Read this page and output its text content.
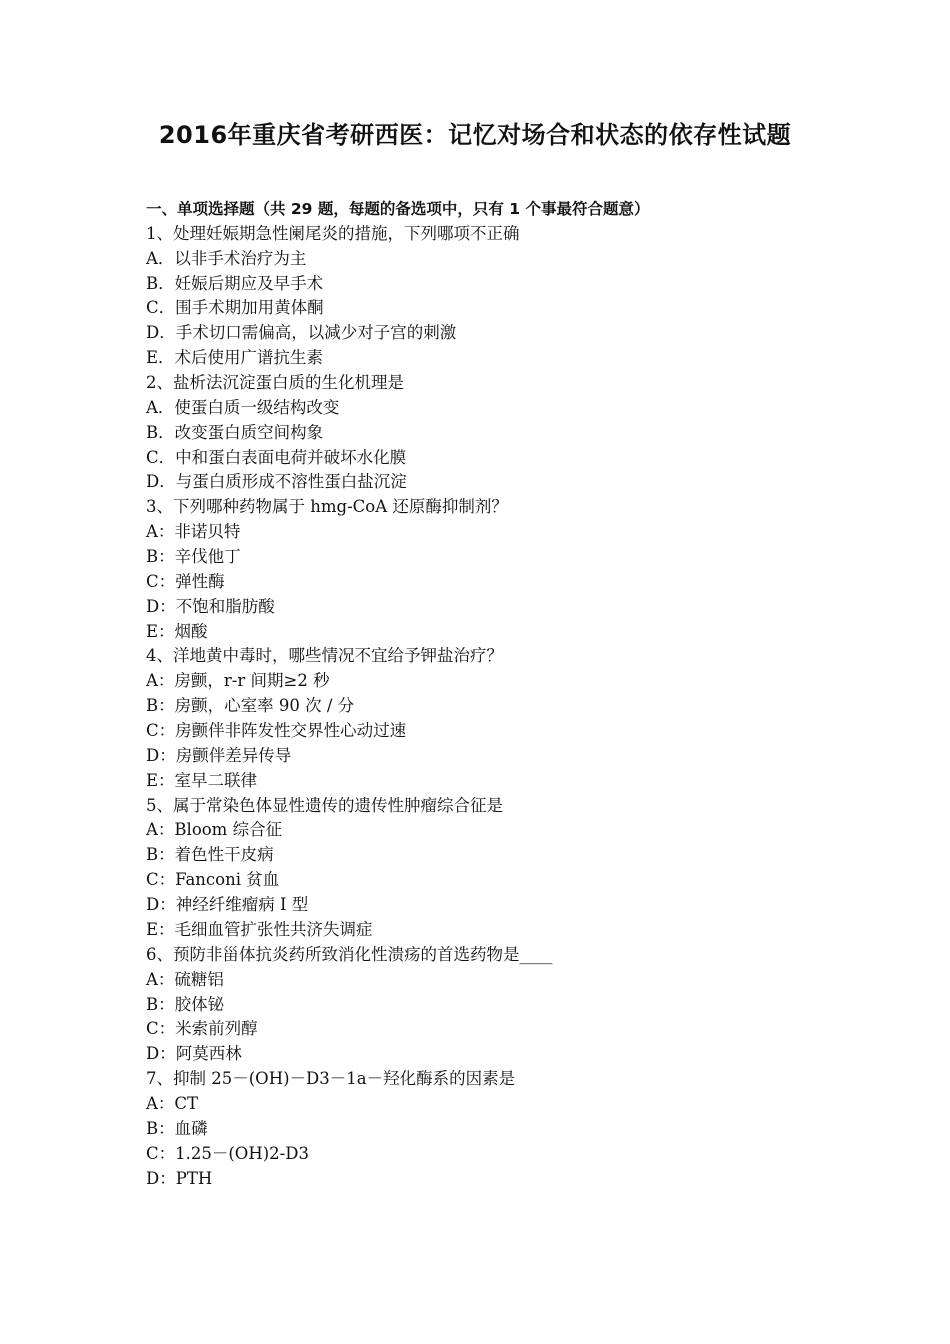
2016年重庆省考研西医：记忆对场合和状态的依存性试题
一、单项选择题（共 29 题，每题的备选项中，只有 1 个事最符合题意）
1、处理妊娠期急性阑尾炎的措施，下列哪项不正确
A．以非手术治疗为主
B．妊娠后期应及早手术
C．围手术期加用黄体酮
D．手术切口需偏高，以减少对子宫的刺激
E．术后使用广谱抗生素
2、盐析法沉淀蛋白质的生化机理是
A．使蛋白质一级结构改变
B．改变蛋白质空间构象
C．中和蛋白表面电荷并破坏水化膜
D．与蛋白质形成不溶性蛋白盐沉淀
3、下列哪种药物属于 hmg-CoA 还原酶抑制剂？
A：非诺贝特
B：辛伐他丁
C：弹性酶
D：不饱和脂肪酸
E：烟酸
4、洋地黄中毒时，哪些情况不宜给予钾盐治疗？
A：房颤，r-r 间期≥2 秒
B：房颤，心室率 90 次 / 分
C：房颤伴非阵发性交界性心动过速
D：房颤伴差异传导
E：室早二联律
5、属于常染色体显性遗传的遗传性肿瘤综合征是
A：Bloom 综合征
B：着色性干皮病
C：Fanconi 贫血
D：神经纤维瘤病 I 型
E：毛细血管扩张性共济失调症
6、预防非甾体抗炎药所致消化性溃疡的首选药物是____
A：硫糖铝
B：胶体铋
C：米索前列醇
D：阿莫西林
7、抑制 25－(OH)－D3－1a－羟化酶系的因素是
A：CT
B：血磷
C：1.25－(OH)2-D3
D：PTH
